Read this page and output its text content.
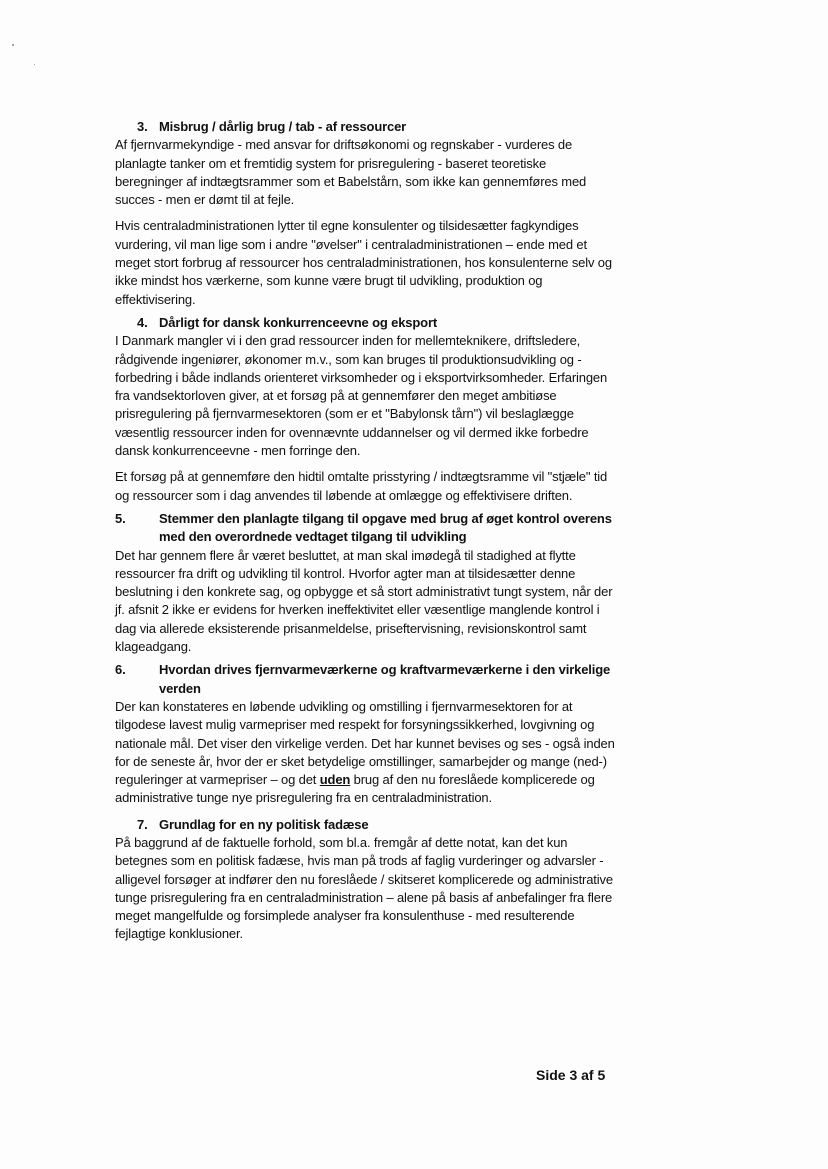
3. Misbrug / dårlig brug / tab - af ressourcer

Af fjernvarmekyndige - med ansvar for driftsøkonomi og regnskaber - vurderes de planlagte tanker om et fremtidig system for prisregulering - baseret teoretiske beregninger af indtægtsrammer som et Babelstårn, som ikke kan gennemføres med succes - men er dømt til at fejle.

Hvis centraladministrationen lytter til egne konsulenter og tilsidesætter fagkyndiges vurdering, vil man lige som i andre "øvelser" i centraladministrationen – ende med et meget stort forbrug af ressourcer hos centraladministrationen, hos konsulenterne selv og ikke mindst hos værkerne, som kunne være brugt til udvikling, produktion og effektivisering.

4. Dårligt for dansk konkurrenceevne og eksport

I Danmark mangler vi i den grad ressourcer inden for mellemteknikere, driftsledere, rådgivende ingeniører, økonomer m.v., som kan bruges til produktionsudvikling og -forbedring i både indlands orienteret virksomheder og i eksportvirksomheder. Erfaringen fra vandsektorloven giver, at et forsøg på at gennemfører den meget ambitiøse prisregulering på fjernvarmesektoren (som er et "Babylonsk tårn") vil beslaglægge væsentlig ressourcer inden for ovennævnte uddannelser og vil dermed ikke forbedre dansk konkurrenceevne - men forringe den.

Et forsøg på at gennemføre den hidtil omtalte prisstyring / indtægtsramme vil "stjæle" tid og ressourcer som i dag anvendes til løbende at omlægge og effektivisere driften.

5.	Stemmer den planlagte tilgang til opgave med brug af øget kontrol overens med den overordnede vedtaget tilgang til udvikling

Det har gennem flere år været besluttet, at man skal imødegå til stadighed at flytte ressourcer fra drift og udvikling til kontrol. Hvorfor agter man at tilsidesætter denne beslutning i den konkrete sag, og opbygge et så stort administrativt tungt system, når der jf. afsnit 2 ikke er evidens for hverken ineffektivitet eller væsentlige manglende kontrol i dag via allerede eksisterende prisanmeldelse, priseftervisning, revisionskontrol samt klageadgang.

6.	Hvordan drives fjernvarmeværkerne og kraftvarmeværkerne i den virkelige verden

Der kan konstateres en løbende udvikling og omstilling i fjernvarmesektoren for at tilgodese lavest mulig varmepriser med respekt for forsyningssikkerhed, lovgivning og nationale mål. Det viser den virkelige verden. Det har kunnet bevises og ses - også inden for de seneste år, hvor der er sket betydelige omstillinger, samarbejder og mange (ned-) reguleringer at varmepriser – og det uden brug af den nu foreslåede komplicerede og administrative tunge nye prisregulering fra en centraladministration.

7. Grundlag for en ny politisk fadæse

På baggrund af de faktuelle forhold, som bl.a. fremgår af dette notat, kan det kun betegnes som en politisk fadæse, hvis man på trods af faglig vurderinger og advarsler - alligevel forsøger at indfører den nu foreslåede / skitseret komplicerede og administrative tunge prisregulering fra en centraladministration – alene på basis af anbefalinger fra flere meget mangelfulde og forsimplede analyser fra konsulenthuse - med resulterende fejlagtige konklusioner.

Side 3 af 5
